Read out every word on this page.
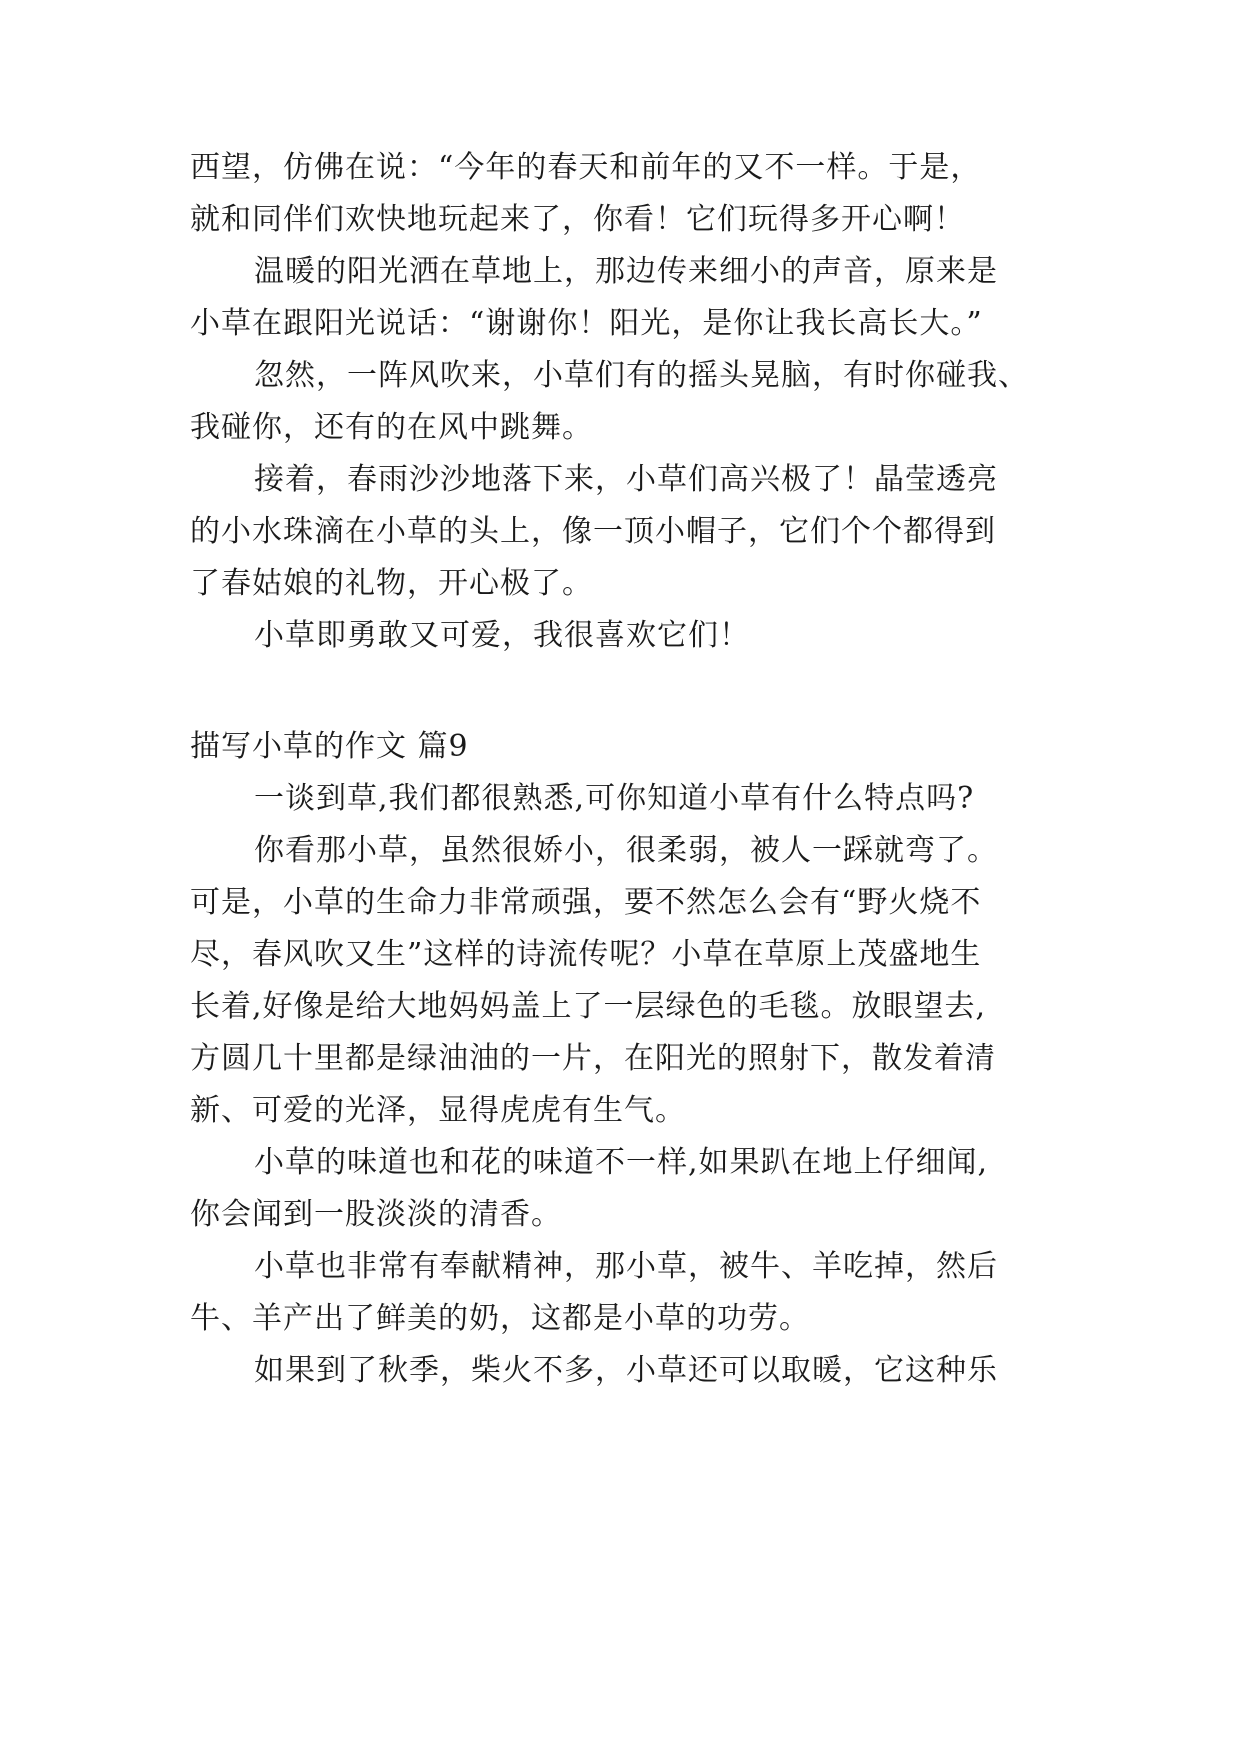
西望，仿佛在说：“今年的春天和前年的又不一样。于是，
就和同伴们欢快地玩起来了，你看！它们玩得多开心啊！
温暖的阳光洒在草地上，那边传来细小的声音，原来是
小草在跟阳光说话：“谢谢你！阳光，是你让我长高长大。”
忽然，一阵风吹来，小草们有的摇头晃脑，有时你碰我、
我碰你，还有的在风中跳舞。
接着，春雨沙沙地落下来，小草们高兴极了！晶莹透亮
的小水珠滴在小草的头上，像一顶小帽子，它们个个都得到
了春姑娘的礼物，开心极了。
小草即勇敢又可爱，我很喜欢它们！
描写小草的作文 篇9
一谈到草,我们都很熟悉,可你知道小草有什么特点吗?
你看那小草，虽然很娇小，很柔弱，被人一踩就弯了。
可是，小草的生命力非常顽强，要不然怎么会有“野火烧不
尽，春风吹又生”这样的诗流传呢？小草在草原上茂盛地生
长着,好像是给大地妈妈盖上了一层绿色的毛毯。放眼望去,
方圆几十里都是绿油油的一片，在阳光的照射下，散发着清
新、可爱的光泽，显得虎虎有生气。
小草的味道也和花的味道不一样,如果趴在地上仔细闻,
你会闻到一股淡淡的清香。
小草也非常有奉献精神，那小草，被牛、羊吃掉，然后
牛、羊产出了鲜美的奶，这都是小草的功劳。
如果到了秋季，柴火不多，小草还可以取暖，它这种乐
